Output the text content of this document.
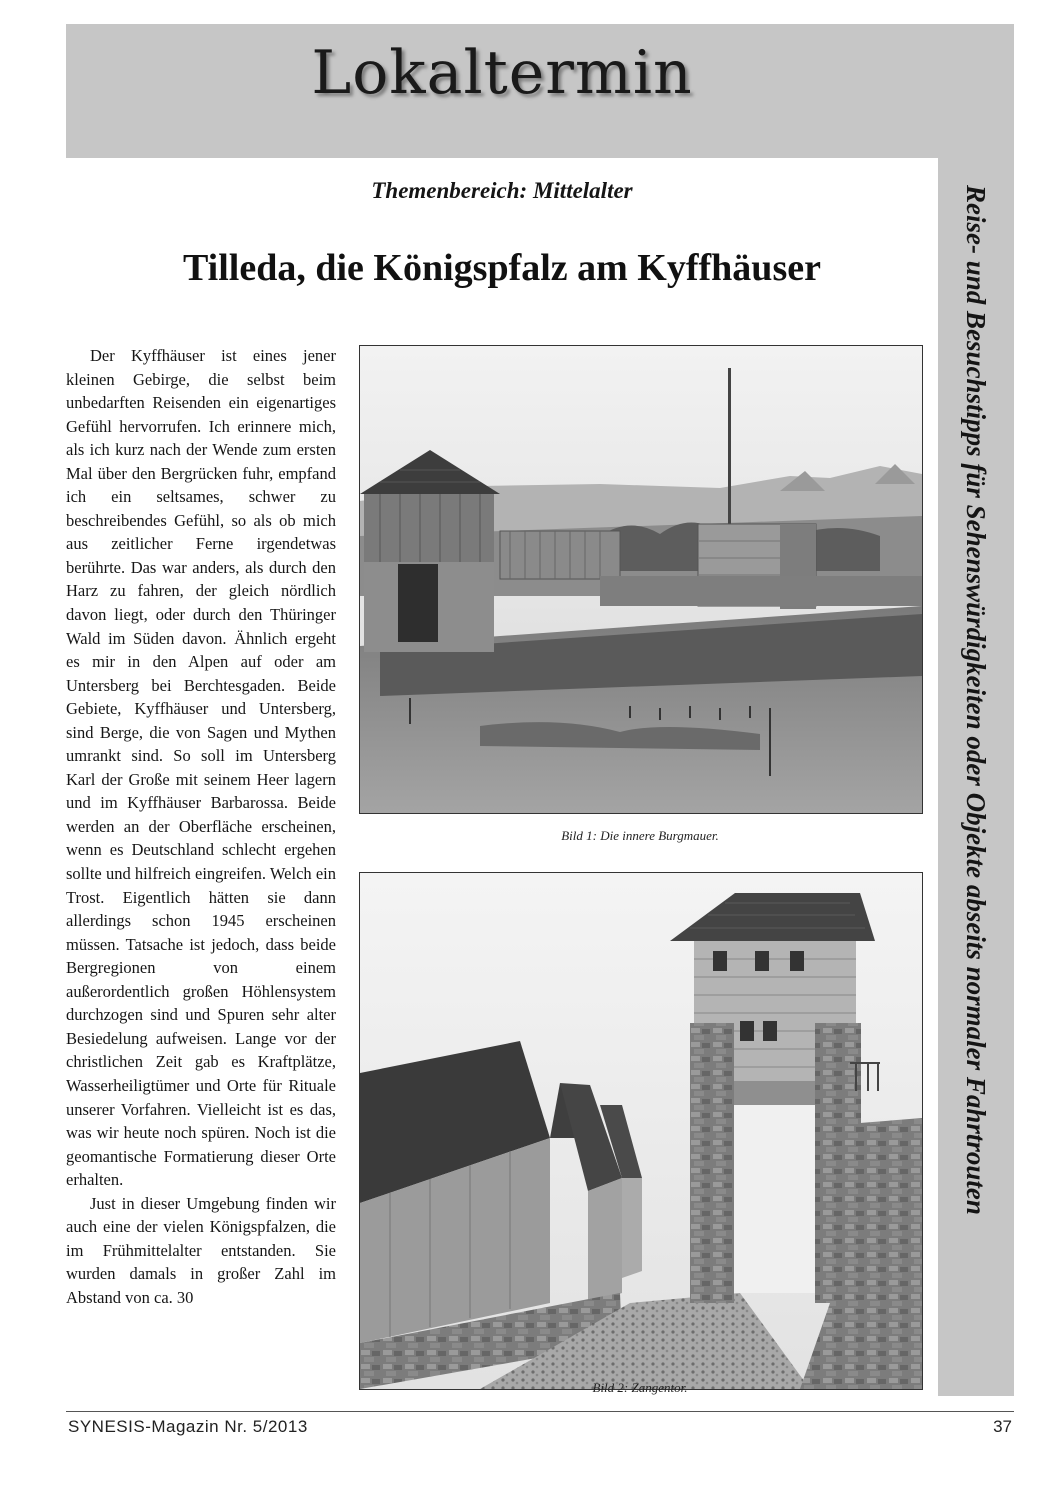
Lokaltermin
Reise- und Besuchstipps für Sehenswürdigkeiten oder Objekte abseits normaler Fahrtrouten
Themenbereich: Mittelalter
Tilleda, die Königspfalz am Kyffhäuser

Der Kyffhäuser ist eines jener kleinen Gebirge, die selbst beim unbedarften Reisenden ein eigenartiges Gefühl hervorrufen. Ich erinnere mich, als ich kurz nach der Wende zum ersten Mal über den Bergrücken fuhr, empfand ich ein seltsames, schwer zu beschreibendes Gefühl, so als ob mich aus zeitlicher Ferne irgendetwas berührte. Das war anders, als durch den Harz zu fahren, der gleich nördlich davon liegt, oder durch den Thüringer Wald im Süden davon. Ähnlich ergeht es mir in den Alpen auf oder am Untersberg bei Berchtesgaden. Beide Gebiete, Kyffhäuser und Untersberg, sind Berge, die von Sagen und Mythen umrankt sind. So soll im Untersberg Karl der Große mit seinem Heer lagern und im Kyffhäuser Barbarossa. Beide werden an der Oberfläche erscheinen, wenn es Deutschland schlecht ergehen sollte und hilfreich eingreifen. Welch ein Trost. Eigentlich hätten sie dann allerdings schon 1945 erscheinen müssen. Tatsache ist jedoch, dass beide Bergregionen von einem außerordentlich großen Höhlensystem durchzogen sind und Spuren sehr alter Besiedelung aufweisen. Lange vor der christlichen Zeit gab es Kraftplätze, Wasserheiligtümer und Orte für Rituale unserer Vorfahren. Vielleicht ist es das, was wir heute noch spüren. Noch ist die geomantische Formatierung dieser Orte erhalten.

Just in dieser Umgebung finden wir auch eine der vielen Königspfalzen, die im Frühmittelalter entstanden. Sie wurden damals in großer Zahl im Abstand von ca. 30

Bild 1: Die innere Burgmauer.
Bild 2: Zangentor.
SYNESIS-Magazin Nr. 5/2013	37
